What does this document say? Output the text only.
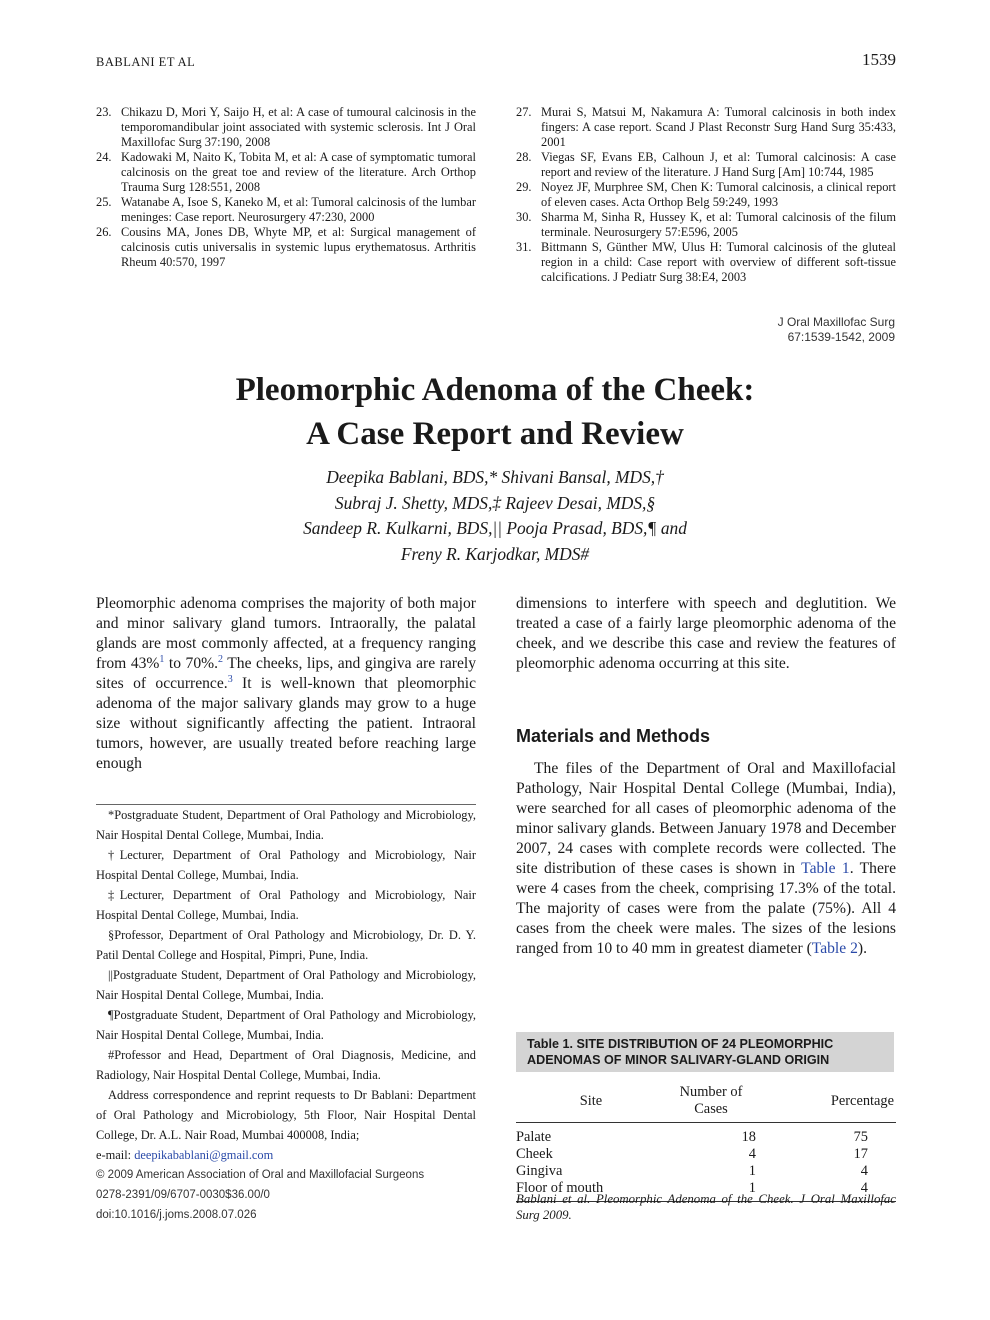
BABLANI ET AL	1539
23. Chikazu D, Mori Y, Saijo H, et al: A case of tumoural calcinosis in the temporomandibular joint associated with systemic sclerosis. Int J Oral Maxillofac Surg 37:190, 2008
24. Kadowaki M, Naito K, Tobita M, et al: A case of symptomatic tumoral calcinosis on the great toe and review of the literature. Arch Orthop Trauma Surg 128:551, 2008
25. Watanabe A, Isoe S, Kaneko M, et al: Tumoral calcinosis of the lumbar meninges: Case report. Neurosurgery 47:230, 2000
26. Cousins MA, Jones DB, Whyte MP, et al: Surgical management of calcinosis cutis universalis in systemic lupus erythematosus. Arthritis Rheum 40:570, 1997
27. Murai S, Matsui M, Nakamura A: Tumoral calcinosis in both index fingers: A case report. Scand J Plast Reconstr Surg Hand Surg 35:433, 2001
28. Viegas SF, Evans EB, Calhoun J, et al: Tumoral calcinosis: A case report and review of the literature. J Hand Surg [Am] 10:744, 1985
29. Noyez JF, Murphree SM, Chen K: Tumoral calcinosis, a clinical report of eleven cases. Acta Orthop Belg 59:249, 1993
30. Sharma M, Sinha R, Hussey K, et al: Tumoral calcinosis of the filum terminale. Neurosurgery 57:E596, 2005
31. Bittmann S, Günther MW, Ulus H: Tumoral calcinosis of the gluteal region in a child: Case report with overview of different soft-tissue calcifications. J Pediatr Surg 38:E4, 2003
J Oral Maxillofac Surg
67:1539-1542, 2009
Pleomorphic Adenoma of the Cheek:
A Case Report and Review
Deepika Bablani, BDS,* Shivani Bansal, MDS,†
Subraj J. Shetty, MDS,‡ Rajeev Desai, MDS,§
Sandeep R. Kulkarni, BDS,|| Pooja Prasad, BDS,¶ and
Freny R. Karjodkar, MDS#
Pleomorphic adenoma comprises the majority of both major and minor salivary gland tumors. Intraorally, the palatal glands are most commonly affected, at a frequency ranging from 43%$^1$ to 70%.$^2$ The cheeks, lips, and gingiva are rarely sites of occurrence.$^3$ It is well-known that pleomorphic adenoma of the major salivary glands may grow to a huge size without significantly affecting the patient. Intraoral tumors, however, are usually treated before reaching large enough
dimensions to interfere with speech and deglutition. We treated a case of a fairly large pleomorphic adenoma of the cheek, and we describe this case and review the features of pleomorphic adenoma occurring at this site.
Materials and Methods
The files of the Department of Oral and Maxillofacial Pathology, Nair Hospital Dental College (Mumbai, India), were searched for all cases of pleomorphic adenoma of the minor salivary glands. Between January 1978 and December 2007, 24 cases with complete records were collected. The site distribution of these cases is shown in Table 1. There were 4 cases from the cheek, comprising 17.3% of the total. The majority of cases were from the palate (75%). All 4 cases from the cheek were males. The sizes of the lesions ranged from 10 to 40 mm in greatest diameter (Table 2).

*Postgraduate Student, Department of Oral Pathology and Microbiology, Nair Hospital Dental College, Mumbai, India.

†Lecturer, Department of Oral Pathology and Microbiology, Nair Hospital Dental College, Mumbai, India.

‡Lecturer, Department of Oral Pathology and Microbiology, Nair Hospital Dental College, Mumbai, India.

§Professor, Department of Oral Pathology and Microbiology, Dr. D. Y. Patil Dental College and Hospital, Pimpri, Pune, India.

||Postgraduate Student, Department of Oral Pathology and Microbiology, Nair Hospital Dental College, Mumbai, India.

¶Postgraduate Student, Department of Oral Pathology and Microbiology, Nair Hospital Dental College, Mumbai, India.

#Professor and Head, Department of Oral Diagnosis, Medicine, and Radiology, Nair Hospital Dental College, Mumbai, India.

Address correspondence and reprint requests to Dr Bablani: Department of Oral Pathology and Microbiology, 5th Floor, Nair Hospital Dental College, Dr. A.L. Nair Road, Mumbai 400008, India;

e-mail: deepikabablani@gmail.com

© 2009 American Association of Oral and Maxillofacial Surgeons

0278-2391/09/6707-0030$36.00/0

doi:10.1016/j.joms.2008.07.026

Table 1. SITE DISTRIBUTION OF 24 PLEOMORPHIC ADENOMAS OF MINOR SALIVARY-GLAND ORIGIN
Site	Number of Cases	Percentage
Palate	18	75
Cheek	4	17
Gingiva	1	4
Floor of mouth	1	4
Bablani et al. Pleomorphic Adenoma of the Cheek. J Oral Maxillofac Surg 2009.
